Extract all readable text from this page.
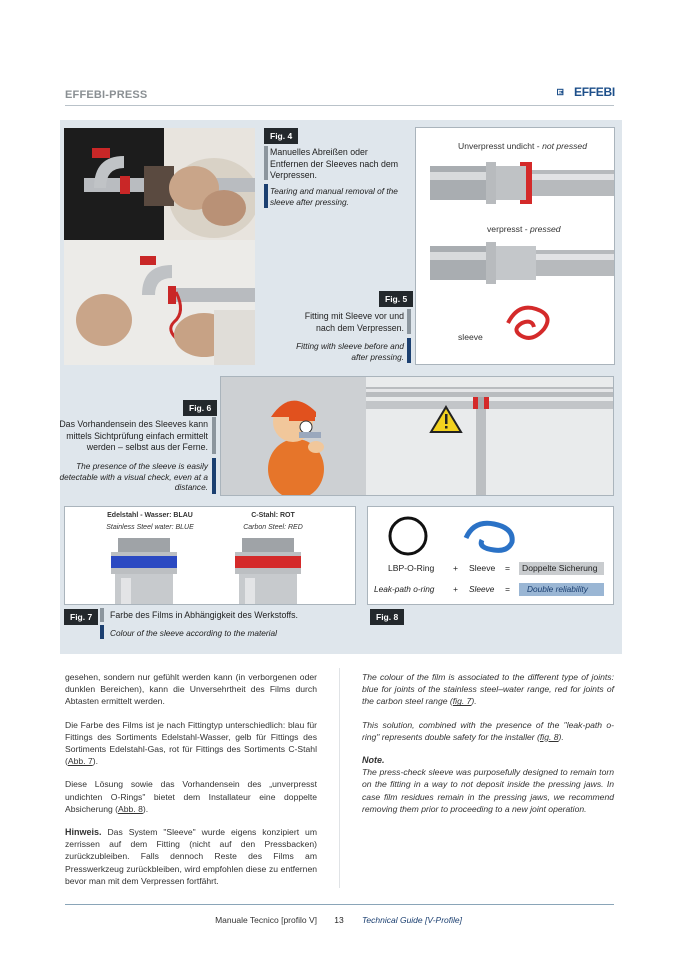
EFFEBI-PRESS	EFFEBI
Fig. 4
Manuelles Abreißen oder Entfernen der Sleeves nach dem Verpressen.
Tearing and manual removal of the sleeve after pressing.
Unverpresst undicht - not pressed
verpresst - pressed
sleeve
Fig. 5
Fitting mit Sleeve vor und nach dem Verpressen.
Fitting with sleeve before and after pressing.
Fig. 6
Das Vorhandensein des Sleeves kann mittels Sichtprüfung einfach ermittelt werden – selbst aus der Ferne.
The presence of the sleeve is easily detectable with a visual check, even at a distance.
Edelstahl - Wasser: BLAU
Stainless Steel water: BLUE
C-Stahl: ROT
Carbon Steel: RED
Fig. 7	Farbe des Films in Abhängigkeit des Werkstoffs.
Colour of the sleeve according to the material
LBP-O-Ring + Sleeve =	Doppelte Sicherung
Leak-path o-ring + Sleeve =	Double reliability
Fig. 8

gesehen, sondern nur gefühlt werden kann (in verborgenen oder dunklen Bereichen), kann die Unversehrtheit des Films durch Abtasten ermittelt werden.

Die Farbe des Films ist je nach Fittingtyp unterschiedlich: blau für Fittings des Sortiments Edelstahl-Wasser, gelb für Fittings des Sortiments Edelstahl-Gas, rot für Fittings des Sortiments C-Stahl (Abb. 7).

Diese Lösung sowie das Vorhandensein des „unverpresst undichten O-Rings" bietet dem Installateur eine doppelte Absicherung (Abb. 8).

Hinweis. Das System "Sleeve" wurde eigens konzipiert um zerrissen auf dem Fitting (nicht auf den Pressbacken) zurückzubleiben. Falls dennoch Reste des Films am Presswerkzeug zurückbleiben, wird empfohlen diese zu entfernen bevor man mit dem Verpressen fortfährt.

The colour of the film is associated to the different type of joints: blue for joints of the stainless steel–water range, red for joints of the carbon steel range (fig. 7).

This solution, combined with the presence of the "leak-path o-ring" represents double safety for the installer (fig. 8).

Note.

The press-check sleeve was purposefully designed to remain torn on the fitting in a way to not deposit inside the pressing jaws. In case film residues remain in the pressing jaws, we recommend removing them prior to proceeding to a new joint operation.

Manuale Tecnico [profilo V]	13	Technical Guide [V-Profile]
